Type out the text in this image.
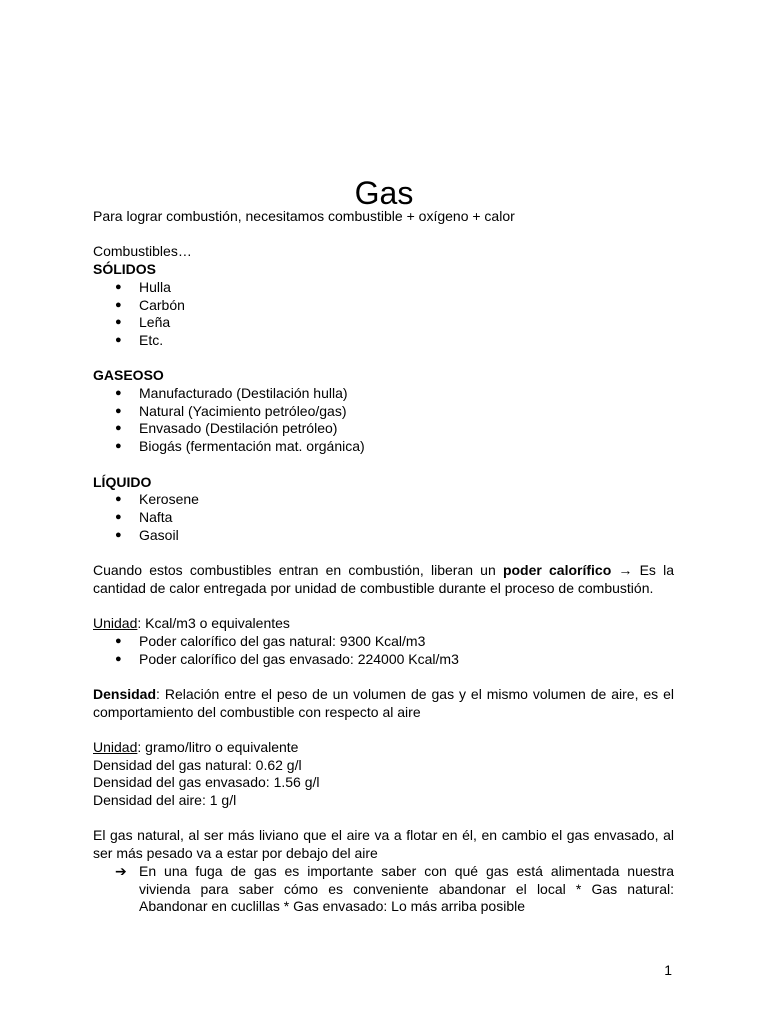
Gas

Para lograr combustión, necesitamos combustible + oxígeno + calor

Combustibles…

SÓLIDOS

● Hulla
● Carbón
● Leña
● Etc.

GASEOSO

● Manufacturado (Destilación hulla)
● Natural (Yacimiento petróleo/gas)
● Envasado (Destilación petróleo)
● Biogás (fermentación mat. orgánica)

LÍQUIDO

● Kerosene
● Nafta
● Gasoil

Cuando estos combustibles entran en combustión, liberan un poder calorífico → Es la cantidad de calor entregada por unidad de combustible durante el proceso de combustión.

Unidad: Kcal/m3 o equivalentes

● Poder calorífico del gas natural: 9300 Kcal/m3
● Poder calorífico del gas envasado: 224000 Kcal/m3

Densidad: Relación entre el peso de un volumen de gas y el mismo volumen de aire, es el comportamiento del combustible con respecto al aire

Unidad: gramo/litro o equivalente

Densidad del gas natural: 0.62 g/l

Densidad del gas envasado: 1.56 g/l

Densidad del aire: 1 g/l

El gas natural, al ser más liviano que el aire va a flotar en él, en cambio el gas envasado, al ser más pesado va a estar por debajo del aire

➔ En una fuga de gas es importante saber con qué gas está alimentada nuestra vivienda para saber cómo es conveniente abandonar el local * Gas natural: Abandonar en cuclillas * Gas envasado: Lo más arriba posible
1
